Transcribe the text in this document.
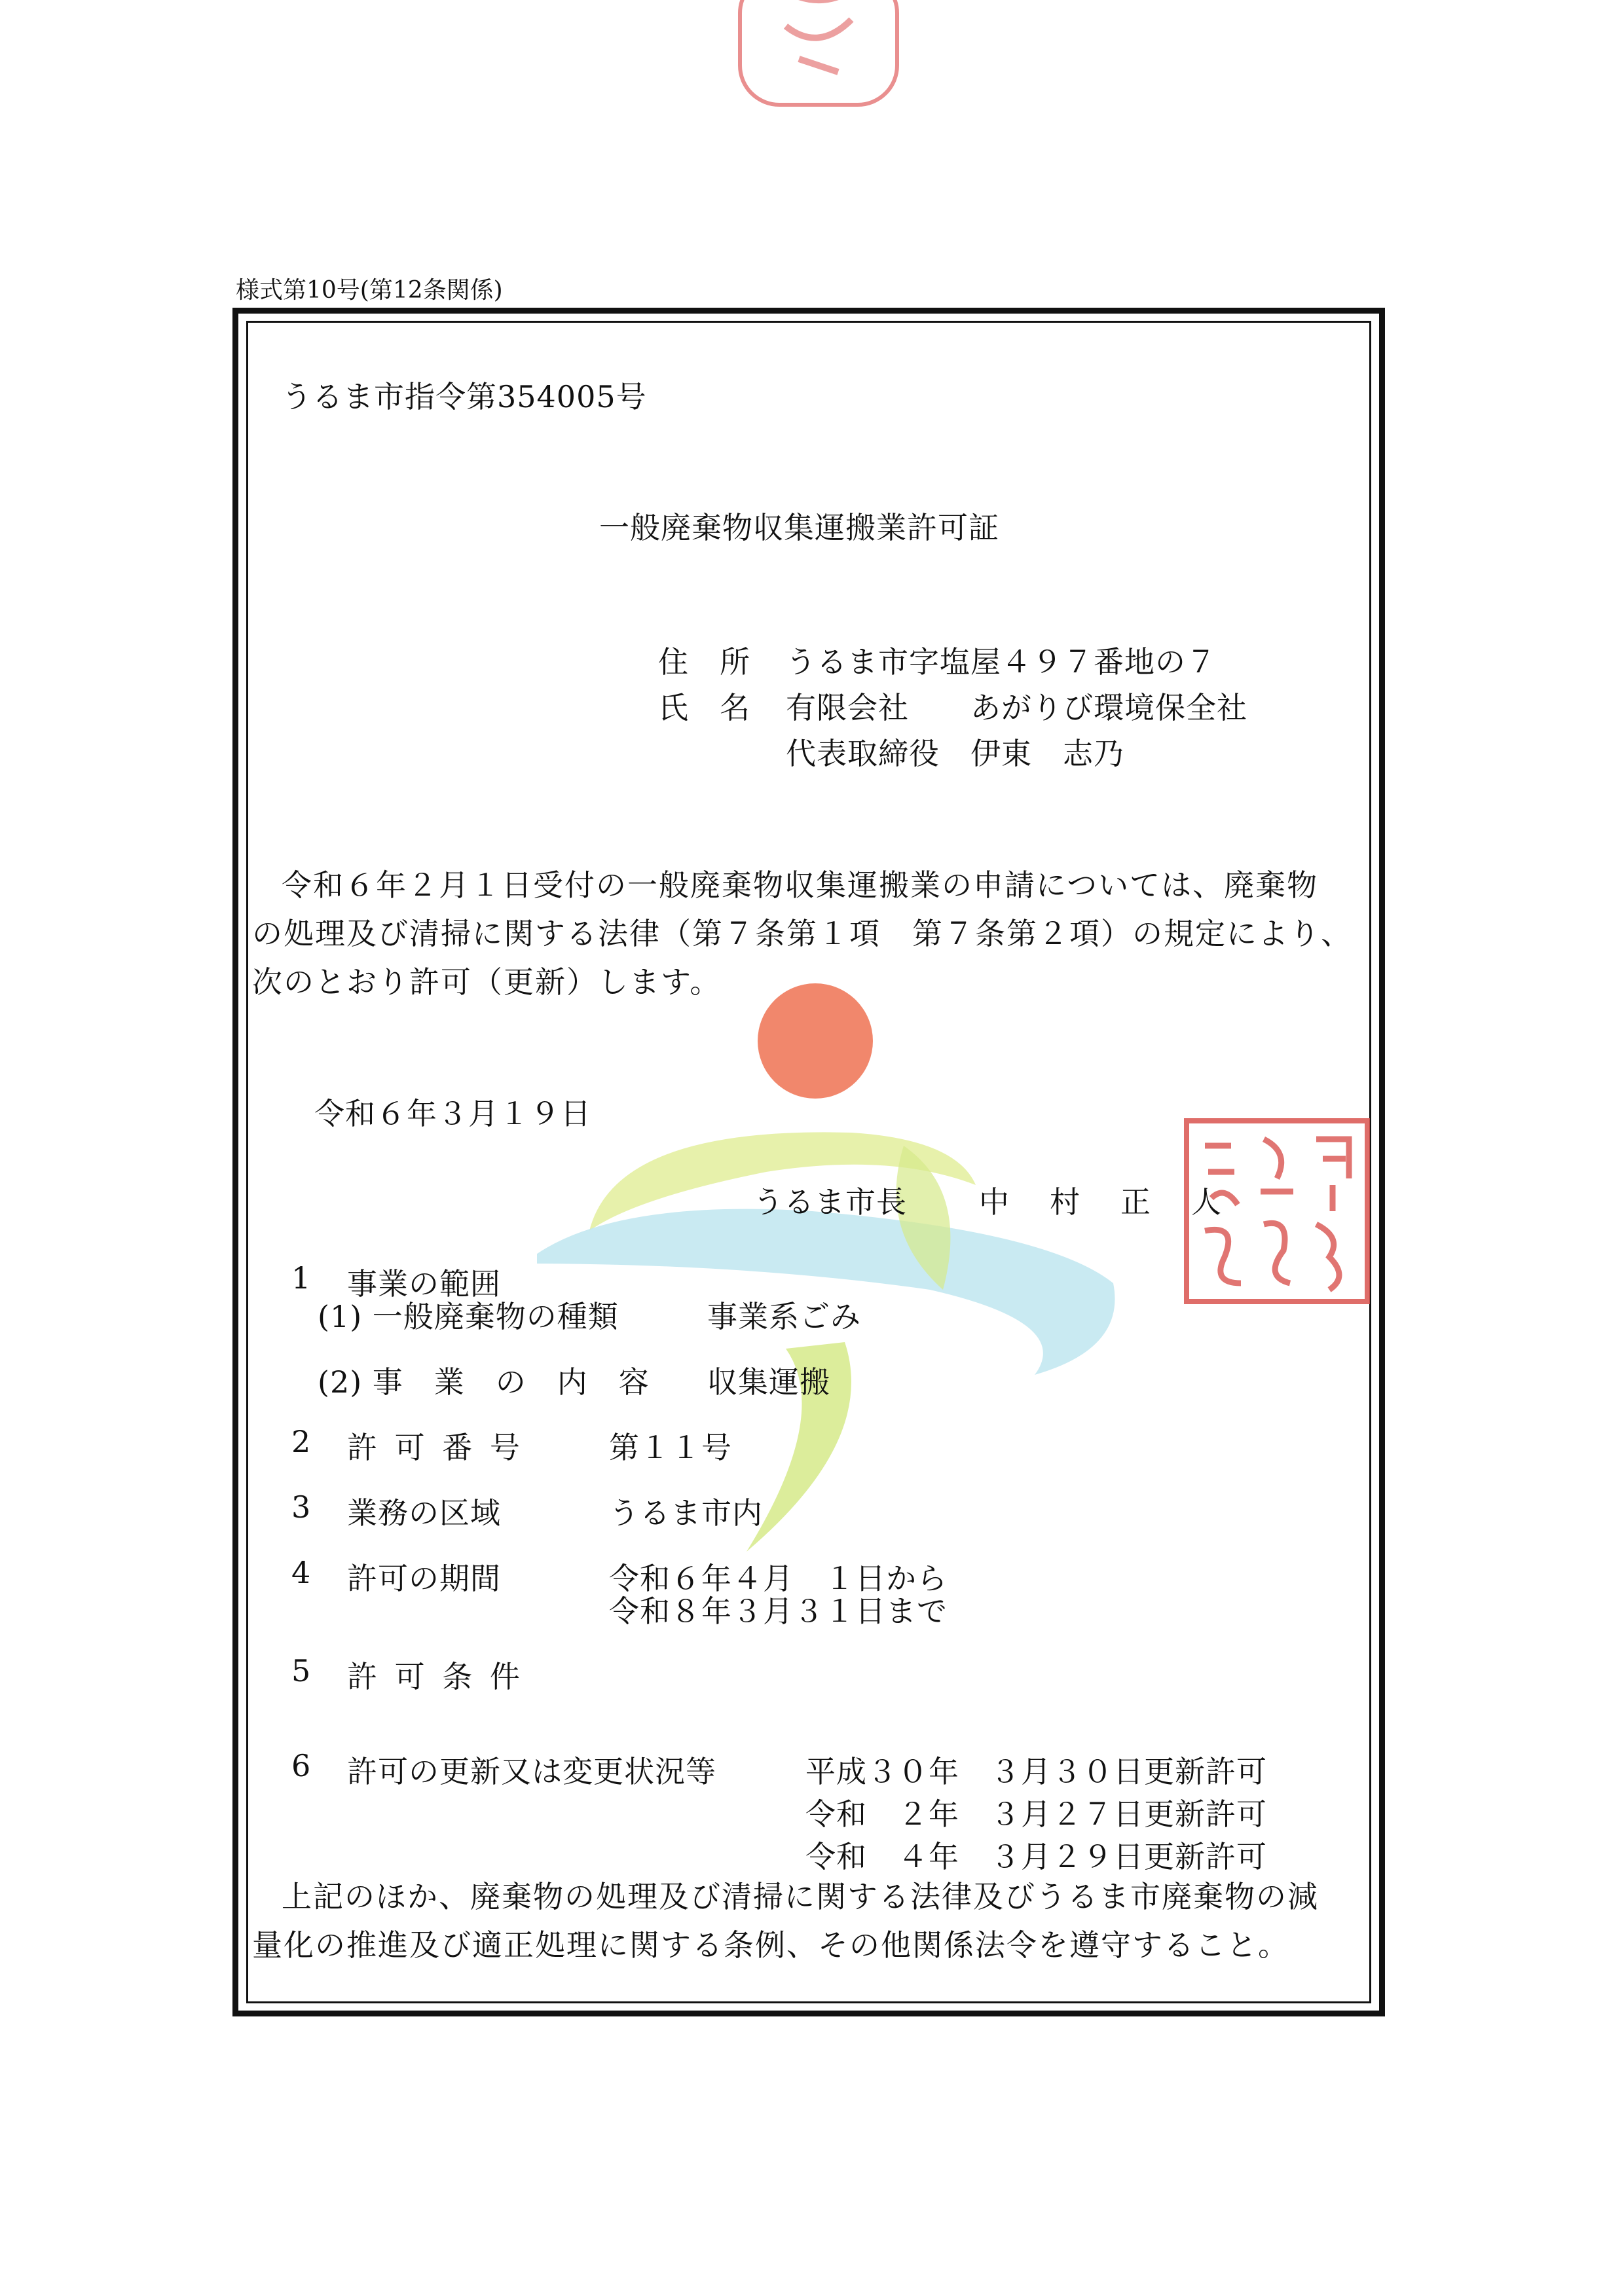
様式第10号(第12条関係)
うるま市指令第354005号
一般廃棄物収集運搬業許可証
住　所 うるま市字塩屋４９７番地の７
氏　名 有限会社　　あがりび環境保全社
代表取締役　伊東　志乃
令和６年２月１日受付の一般廃棄物収集運搬業の申請については、廃棄物
の処理及び清掃に関する法律（第７条第１項　第７条第２項）の規定により、
次のとおり許可（更新）します。
令和６年３月１９日
うるま市長 中　村　正　人
1 事業の範囲
(1) 一般廃棄物の種類	事業系ごみ
(2) 事　業　の　内　容 収集運搬
2 許 可 番 号	第１１号
3 業務の区域	うるま市内
4 許可の期間	令和６年４月　１日から
令和８年３月３１日まで
5 許 可 条 件
6 許可の更新又は変更状況等	平成３０年　３月３０日更新許可
令和　２年　３月２７日更新許可
令和　４年　３月２９日更新許可
上記のほか、廃棄物の処理及び清掃に関する法律及びうるま市廃棄物の減
量化の推進及び適正処理に関する条例、その他関係法令を遵守すること。
